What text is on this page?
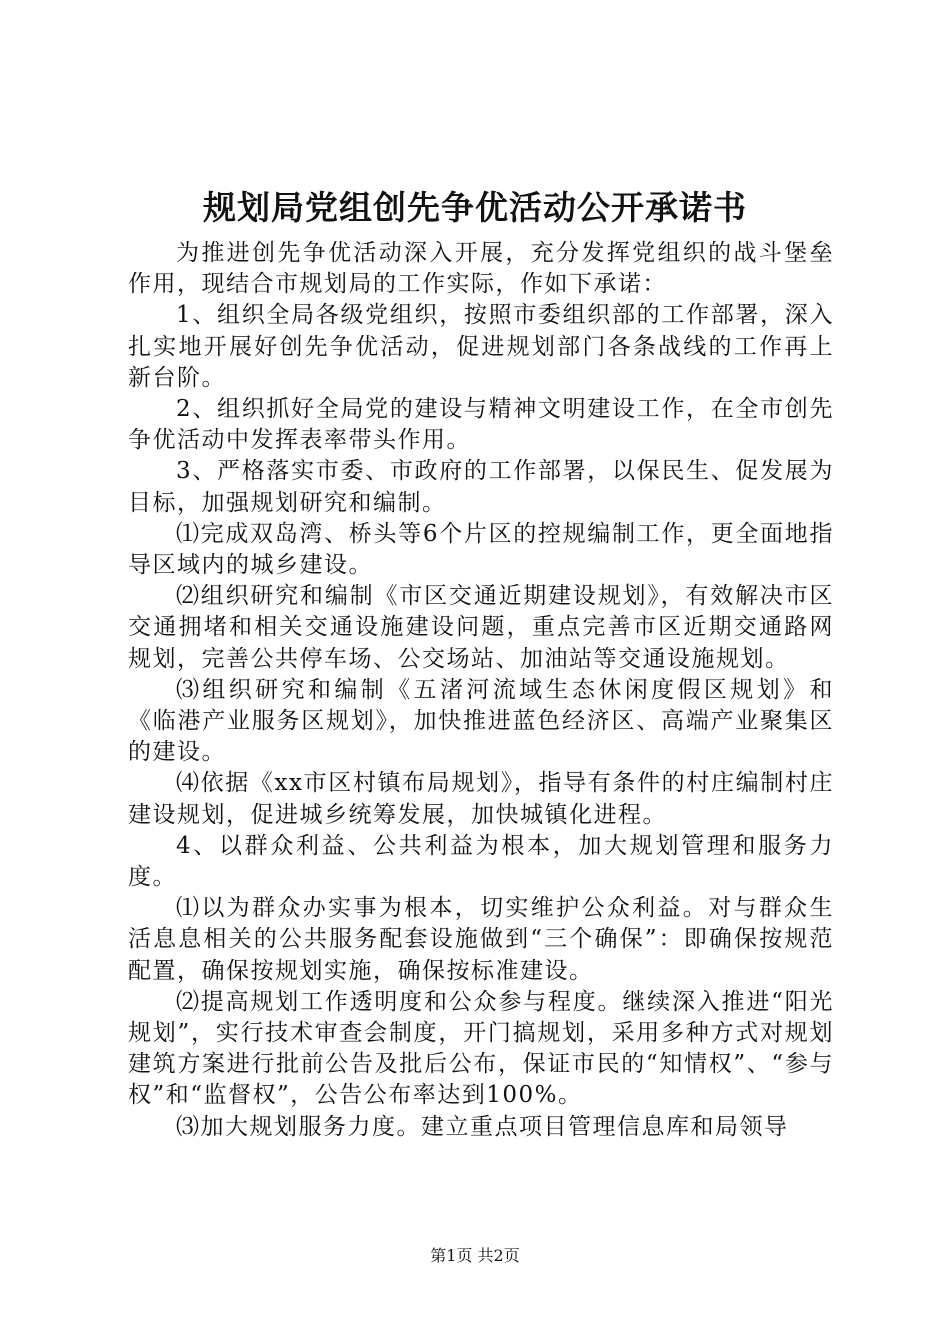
规划局党组创先争优活动公开承诺书

为推进创先争优活动深入开展，充分发挥党组织的战斗堡垒作用，现结合市规划局的工作实际，作如下承诺：

1、组织全局各级党组织，按照市委组织部的工作部署，深入扎实地开展好创先争优活动，促进规划部门各条战线的工作再上新台阶。

2、组织抓好全局党的建设与精神文明建设工作，在全市创先争优活动中发挥表率带头作用。

3、严格落实市委、市政府的工作部署，以保民生、促发展为目标，加强规划研究和编制。

⑴完成双岛湾、桥头等6个片区的控规编制工作，更全面地指导区域内的城乡建设。

⑵组织研究和编制《市区交通近期建设规划》，有效解决市区交通拥堵和相关交通设施建设问题，重点完善市区近期交通路网规划，完善公共停车场、公交场站、加油站等交通设施规划。

⑶组织研究和编制《五渚河流域生态休闲度假区规划》和《临港产业服务区规划》，加快推进蓝色经济区、高端产业聚集区的建设。

⑷依据《xx市区村镇布局规划》，指导有条件的村庄编制村庄建设规划，促进城乡统筹发展，加快城镇化进程。

4、以群众利益、公共利益为根本，加大规划管理和服务力度。

⑴以为群众办实事为根本，切实维护公众利益。对与群众生活息息相关的公共服务配套设施做到“三个确保”：即确保按规范配置，确保按规划实施，确保按标准建设。

⑵提高规划工作透明度和公众参与程度。继续深入推进“阳光规划”，实行技术审查会制度，开门搞规划，采用多种方式对规划建筑方案进行批前公告及批后公布，保证市民的“知情权”、“参与权”和“监督权”，公告公布率达到100%。

⑶加大规划服务力度。建立重点项目管理信息库和局领导

第1页 共2页
